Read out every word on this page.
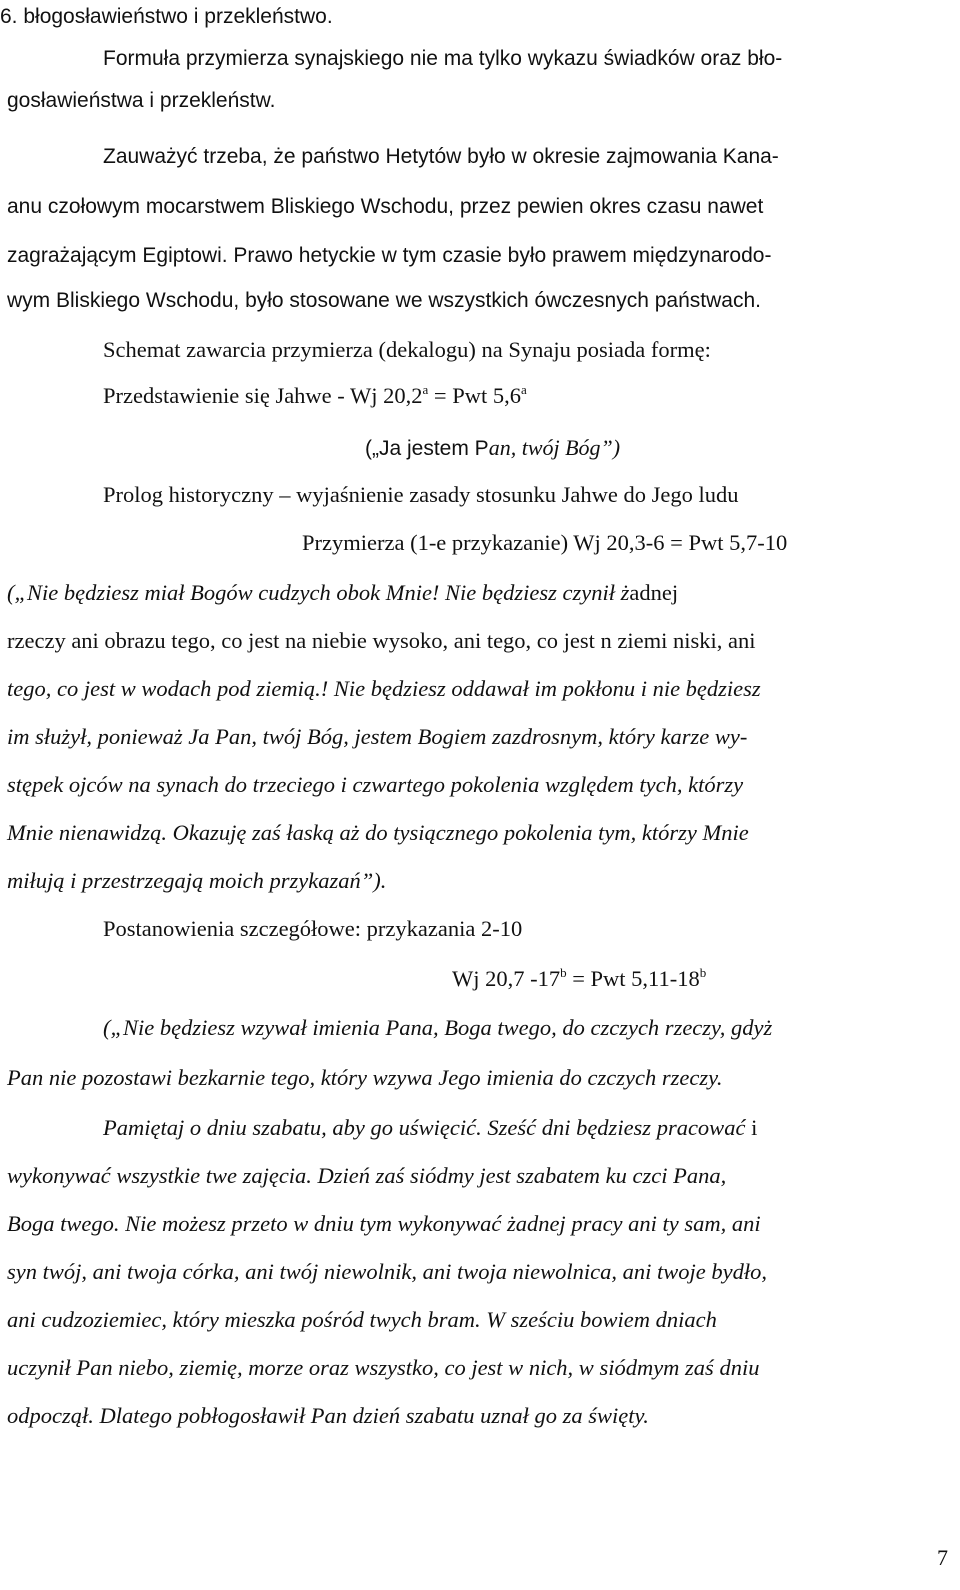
6. błogosławieństwo i przekleństwo.
Formuła przymierza synajskiego nie ma tylko wykazu świadków oraz bło-
gosławieństwa i przekleństw.
Zauważyć trzeba, że państwo Hetytów było w okresie zajmowania Kana-
anu czołowym mocarstwem Bliskiego Wschodu, przez pewien okres czasu nawet
zagrażającym Egiptowi. Prawo hetyckie w tym czasie było prawem międzynarodo-
wym Bliskiego Wschodu, było stosowane we wszystkich ówczesnych państwach.
Schemat zawarcia przymierza (dekalogu) na Synaju posiada formę:
Przedstawienie się Jahwe - Wj 20,2$^a$ = Pwt 5,6$^a$
(„Ja jestem Pan, twój Bóg”)
Prolog historyczny – wyjaśnienie zasady stosunku Jahwe do Jego ludu
Przymierza (1-e przykazanie) Wj 20,3-6 = Pwt 5,7-10
(„Nie będziesz miał Bogów cudzych obok Mnie! Nie będziesz czynił żadnej
rzeczy ani obrazu tego, co jest na niebie wysoko, ani tego, co jest n ziemi niski, ani
tego, co jest w wodach pod ziemią.! Nie będziesz oddawał im pokłonu i nie będziesz
im służył, ponieważ Ja Pan, twój Bóg, jestem Bogiem zazdrosnym, który karze wy-
stępek ojców na synach do trzeciego i czwartego pokolenia względem tych, którzy
Mnie nienawidzą. Okazuję zaś łaską aż do tysiącznego pokolenia tym, którzy Mnie
miłują i przestrzegają moich przykazań”).
Postanowienia szczegółowe: przykazania 2-10
Wj 20,7 $-17^b$ = Pwt 5,11-18$^b$
(„Nie będziesz wzywał imienia Pana, Boga twego, do czczych rzeczy, gdyż
Pan nie pozostawi bezkarnie tego, który wzywa Jego imienia do czczych rzeczy.
Pamiętaj o dniu szabatu, aby go uświęcić. Sześć dni będziesz pracować i
wykonywać wszystkie twe zajęcia. Dzień zaś siódmy jest szabatem ku czci Pana,
Boga twego. Nie możesz przeto w dniu tym wykonywać żadnej pracy ani ty sam, ani
syn twój, ani twoja córka, ani twój niewolnik, ani twoja niewolnica, ani twoje bydło,
ani cudzoziemiec, który mieszka pośród twych bram. W sześciu bowiem dniach
uczynił Pan niebo, ziemię, morze oraz wszystko, co jest w nich, w siódmym zaś dniu
odpoczął. Dlatego pobłogosławił Pan dzień szabatu uznał go za święty.
7
